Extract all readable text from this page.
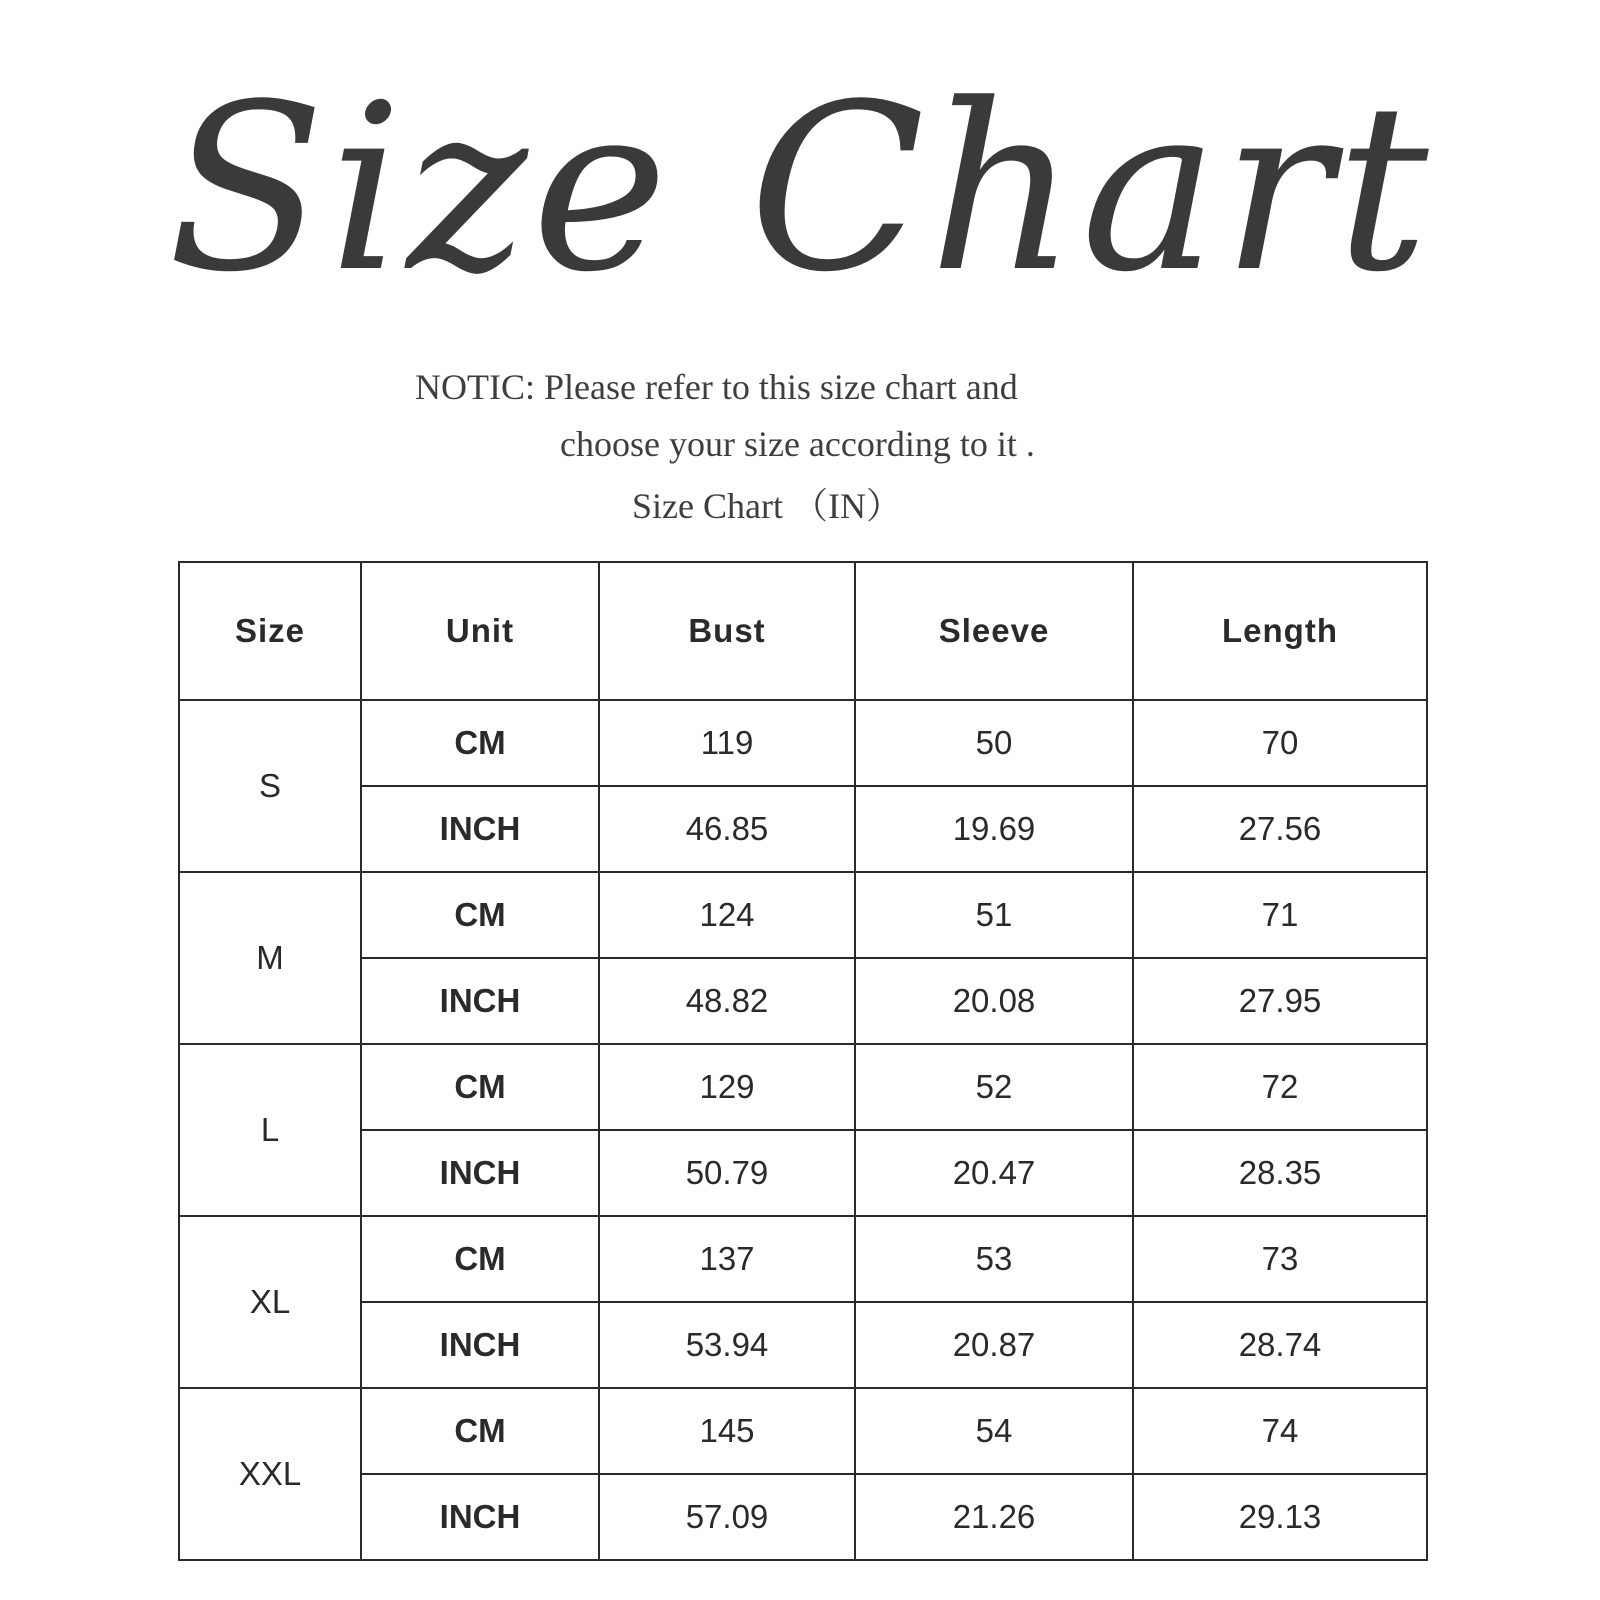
Size Chart
NOTIC: Please refer to this size chart and
choose your size according to it .
Size Chart （IN）
Size	Unit	Bust	Sleeve	Length
S	CM	119	50	70
	INCH	46.85	19.69	27.56
M	CM	124	51	71
	INCH	48.82	20.08	27.95
L	CM	129	52	72
	INCH	50.79	20.47	28.35
XL	CM	137	53	73
	INCH	53.94	20.87	28.74
XXL	CM	145	54	74
	INCH	57.09	21.26	29.13
